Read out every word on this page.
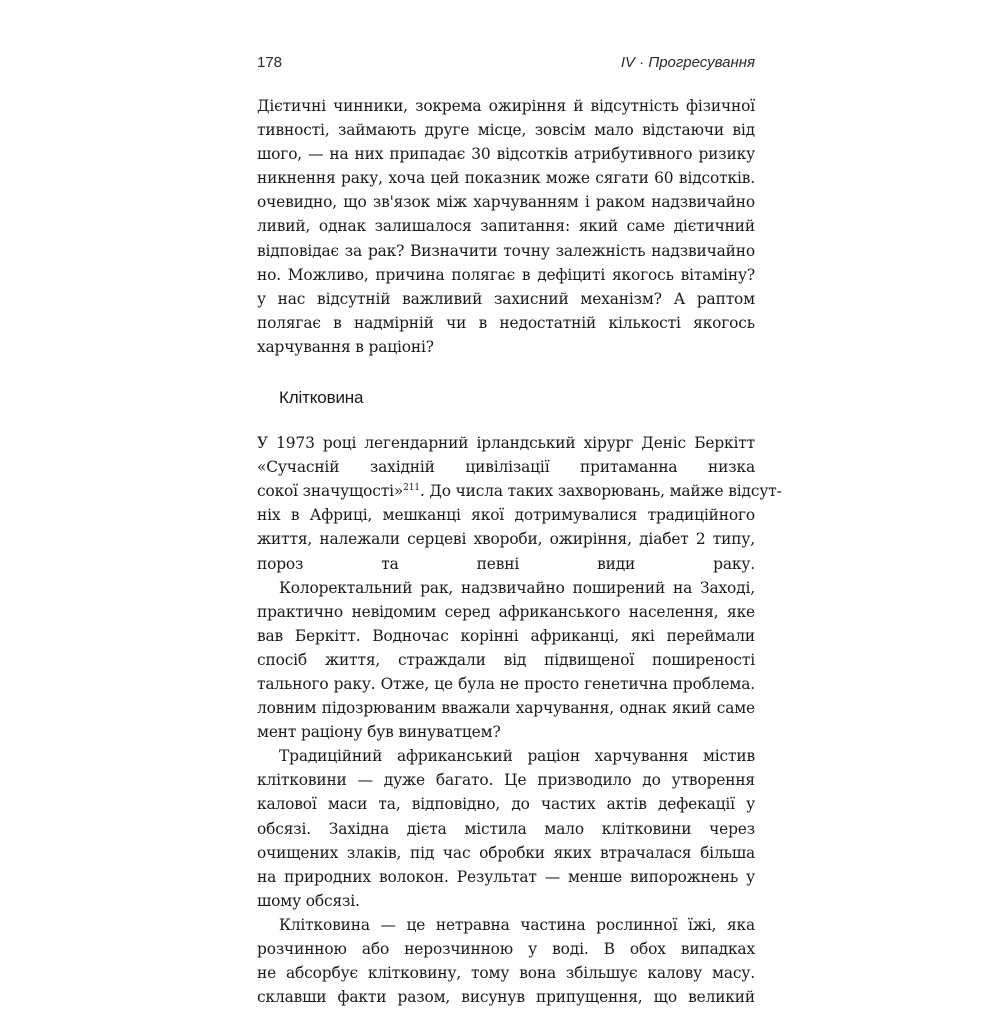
178	IV · Прогресування
Дієтичні чинники, зокрема ожиріння й відсутність фізичної
тивності, займають друге місце, зовсім мало відстаючи від
шого, — на них припадає 30 відсотків атрибутивного ризику
никнення раку, хоча цей показник може сягати 60 відсотків.
очевидно, що зв'язок між харчуванням і раком надзвичайно
ливий, однак залишалося запитання: який саме дієтичний
відповідає за рак? Визначити точну залежність надзвичайно
но. Можливо, причина полягає в дефіциті якогось вітаміну?
у нас відсутній важливий захисний механізм? А раптом
полягає в надмірній чи в недостатній кількості якогось
харчування в раціоні?
Клітковина
У 1973 році легендарний ірландський хірург Деніс Беркітт
«Сучасній західній цивілізації притаманна низка
сокої значущості»$^{211}$ . До числа таких захворювань, майже відсут-
ніх в Африці, мешканці якої дотримувалися традиційного
життя, належали серцеві хвороби, ожиріння, діабет 2 типу,
пороз та певні види раку.
Колоректальний рак, надзвичайно поширений на Заході,
практично невідомим серед африканського населення, яке
вав Беркітт. Водночас корінні африканці, які переймали
спосіб життя, страждали від підвищеної поширеності
тального раку. Отже, це була не просто генетична проблема.
ловним підозрюваним вважали харчування, однак який саме
мент раціону був винуватцем?
Традиційний африканський раціон харчування містив
клітковини — дуже багато. Це призводило до утворення
калової маси та, відповідно, до частих актів дефекації у
обсязі. Західна дієта містила мало клітковини через
очищених злаків, під час обробки яких втрачалася більша
на природних волокон. Результат — менше випорожнень у
шому обсязі.
Клітковина — це нетравна частина рослинної їжі, яка
розчинною або нерозчинною у воді. В обох випадках
не абсорбує клітковину, тому вона збільшує калову масу.
склавши факти разом, висунув припущення, що великий
